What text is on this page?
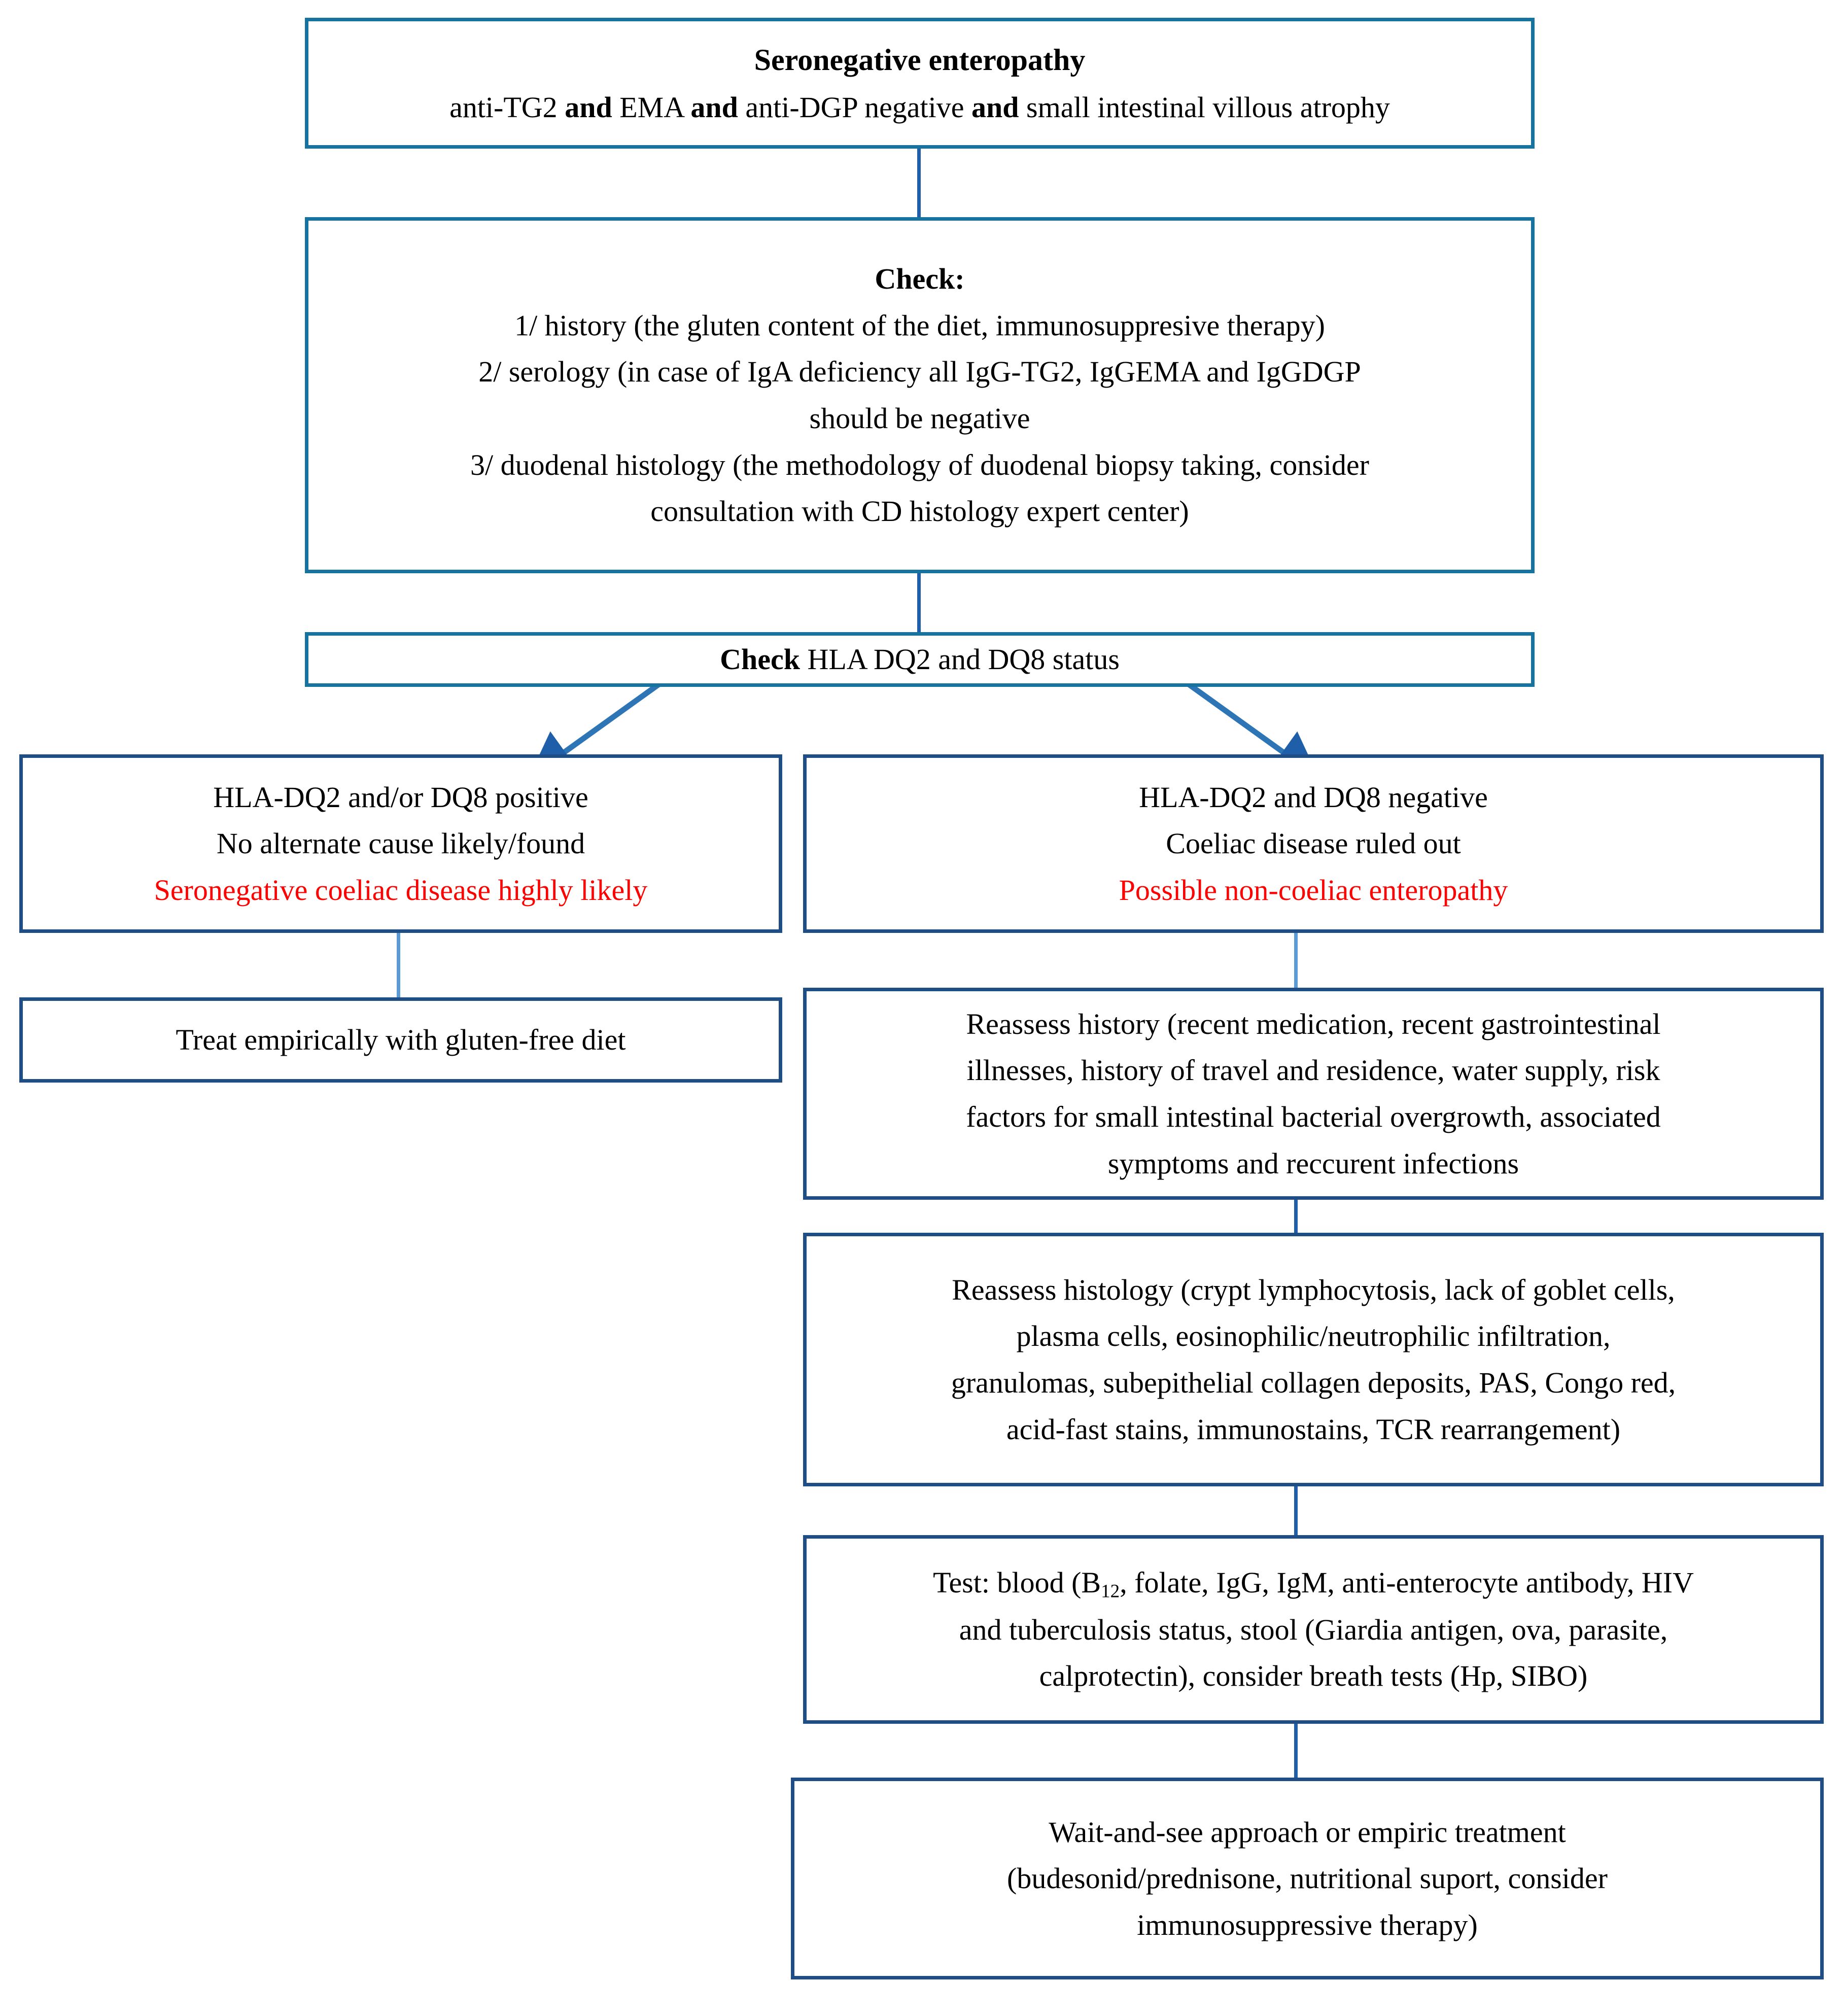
Seronegative enteropathy
anti-TG2 and EMA and anti-DGP negative and small intestinal villous atrophy
Check:
1/ history (the gluten content of the diet, immunosuppresive therapy)
2/ serology (in case of IgA deficiency all IgG-TG2, IgGEMA and IgGDGP
should be negative
3/ duodenal histology (the methodology of duodenal biopsy taking, consider
consultation with CD histology expert center)
Check HLA DQ2 and DQ8 status
HLA-DQ2 and/or DQ8 positive
No alternate cause likely/found
Seronegative coeliac disease highly likely
HLA-DQ2 and DQ8 negative
Coeliac disease ruled out
Possible non-coeliac enteropathy
Treat empirically with gluten-free diet	Reassess history (recent medication, recent gastrointestinal
illnesses, history of travel and residence, water supply, risk
factors for small intestinal bacterial overgrowth, associated
symptoms and reccurent infections
Reassess histology (crypt lymphocytosis, lack of goblet cells,
plasma cells, eosinophilic/neutrophilic infiltration,
granulomas, subepithelial collagen deposits, PAS, Congo red,
acid-fast stains, immunostains, TCR rearrangement)
Test: blood ($B_{12}$, folate, IgG, IgM, anti-enterocyte antibody, HIV
and tuberculosis status, stool (Giardia antigen, ova, parasite,
calprotectin), consider breath tests (Hp, SIBO)
Wait-and-see approach or empiric treatment
(budesonid/prednisone, nutritional suport, consider
immunosuppressive therapy)
